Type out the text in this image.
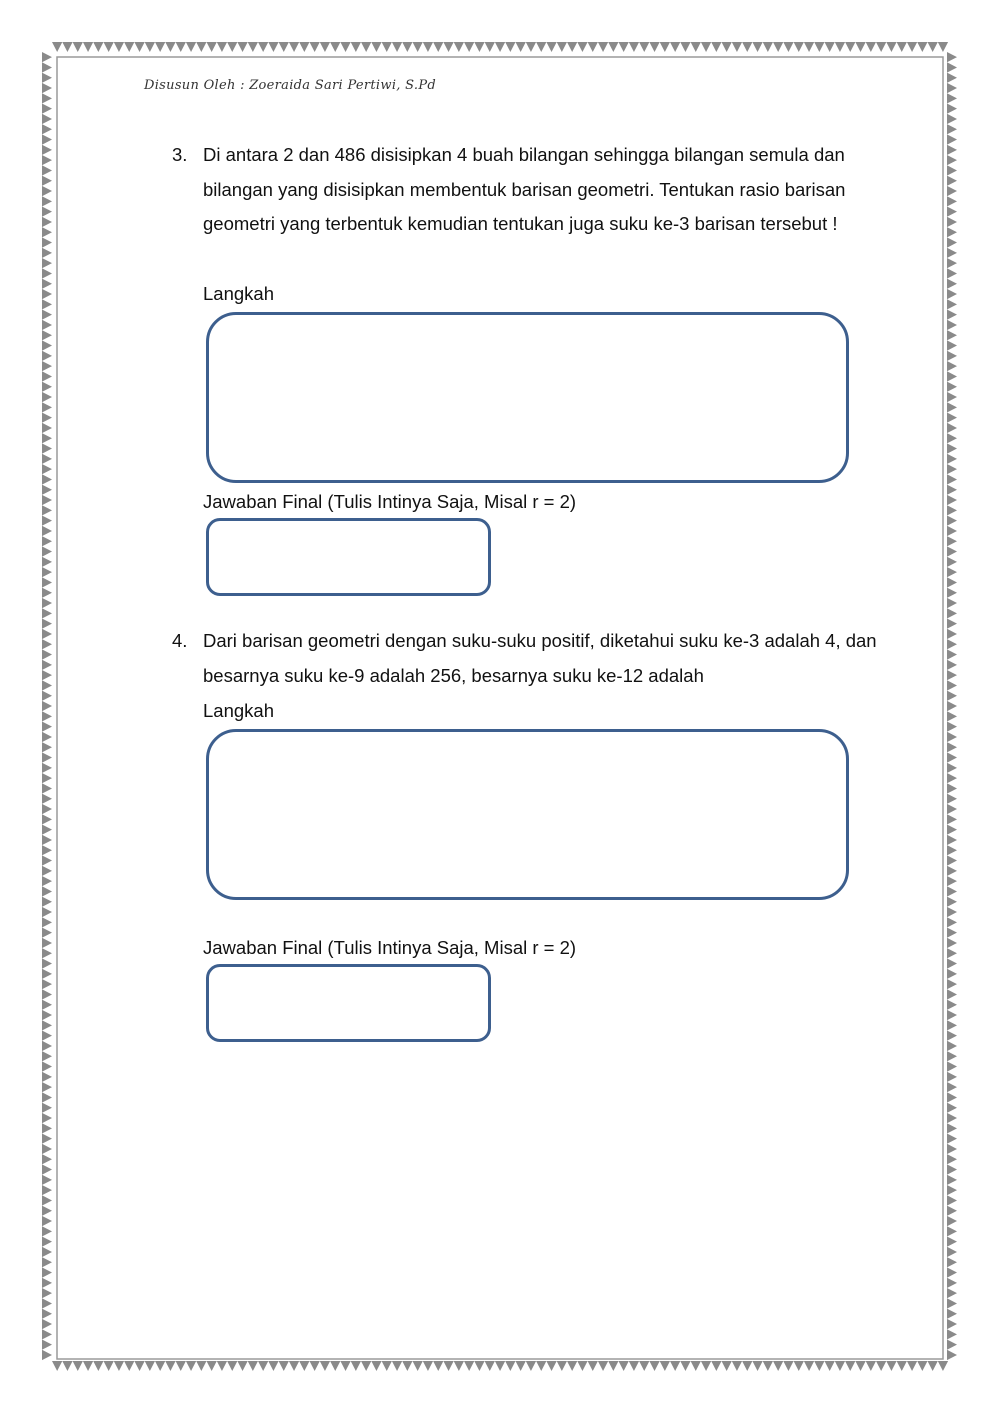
Disusun Oleh : Zoeraida Sari Pertiwi, S.Pd
3. Di antara 2 dan 486 disisipkan 4 buah bilangan sehingga bilangan semula dan bilangan yang disisipkan membentuk barisan geometri. Tentukan rasio barisan geometri yang terbentuk kemudian tentukan juga suku ke-3 barisan tersebut !
Langkah
Jawaban Final (Tulis Intinya Saja, Misal r = 2)
4. Dari barisan geometri dengan suku-suku positif, diketahui suku ke-3 adalah 4, dan besarnya suku ke-9 adalah 256, besarnya suku ke-12 adalah
Langkah
Jawaban Final (Tulis Intinya Saja, Misal r = 2)
